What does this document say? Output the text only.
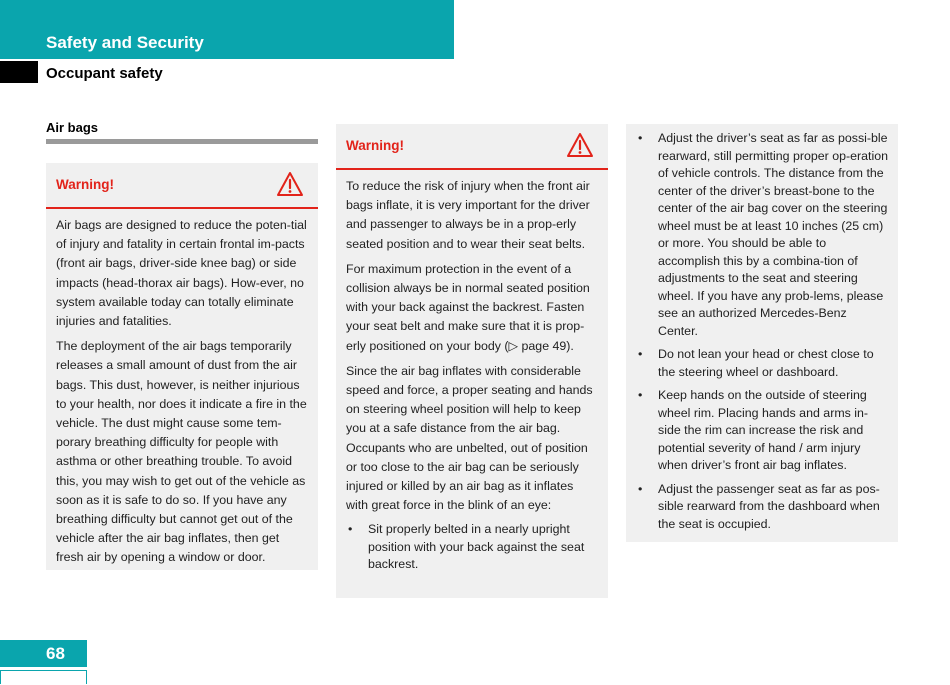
Safety and Security
Occupant safety
Air bags
Warning!

Air bags are designed to reduce the poten-tial of injury and fatality in certain frontal im-pacts (front air bags, driver-side knee bag) or side impacts (head-thorax air bags). How-ever, no system available today can totally eliminate injuries and fatalities.

The deployment of the air bags temporarily releases a small amount of dust from the air bags. This dust, however, is neither injurious to your health, nor does it indicate a fire in the vehicle. The dust might cause some tem-porary breathing difficulty for people with asthma or other breathing trouble. To avoid this, you may wish to get out of the vehicle as soon as it is safe to do so. If you have any breathing difficulty but cannot get out of the vehicle after the air bag inflates, then get fresh air by opening a window or door.

Warning!

To reduce the risk of injury when the front air bags inflate, it is very important for the driver and passenger to always be in a prop-erly seated position and to wear their seat belts.

For maximum protection in the event of a collision always be in normal seated position with your back against the backrest. Fasten your seat belt and make sure that it is prop-erly positioned on your body (▷ page 49).

Since the air bag inflates with considerable speed and force, a proper seating and hands on steering wheel position will help to keep you at a safe distance from the air bag. Occupants who are unbelted, out of position or too close to the air bag can be seriously injured or killed by an air bag as it inflates with great force in the blink of an eye:

• Sit properly belted in a nearly upright position with your back against the seat backrest.
• Adjust the driver’s seat as far as possi-ble rearward, still permitting proper op-eration of vehicle controls. The distance from the center of the driver’s breast-bone to the center of the air bag cover on the steering wheel must be at least 10 inches (25 cm) or more. You should be able to accomplish this by a combina-tion of adjustments to the seat and steering wheel. If you have any prob-lems, please see an authorized Mercedes-Benz Center.
• Do not lean your head or chest close to the steering wheel or dashboard.
• Keep hands on the outside of steering wheel rim. Placing hands and arms in-side the rim can increase the risk and potential severity of hand / arm injury when driver’s front air bag inflates.
• Adjust the passenger seat as far as pos-sible rearward from the dashboard when the seat is occupied.
68
